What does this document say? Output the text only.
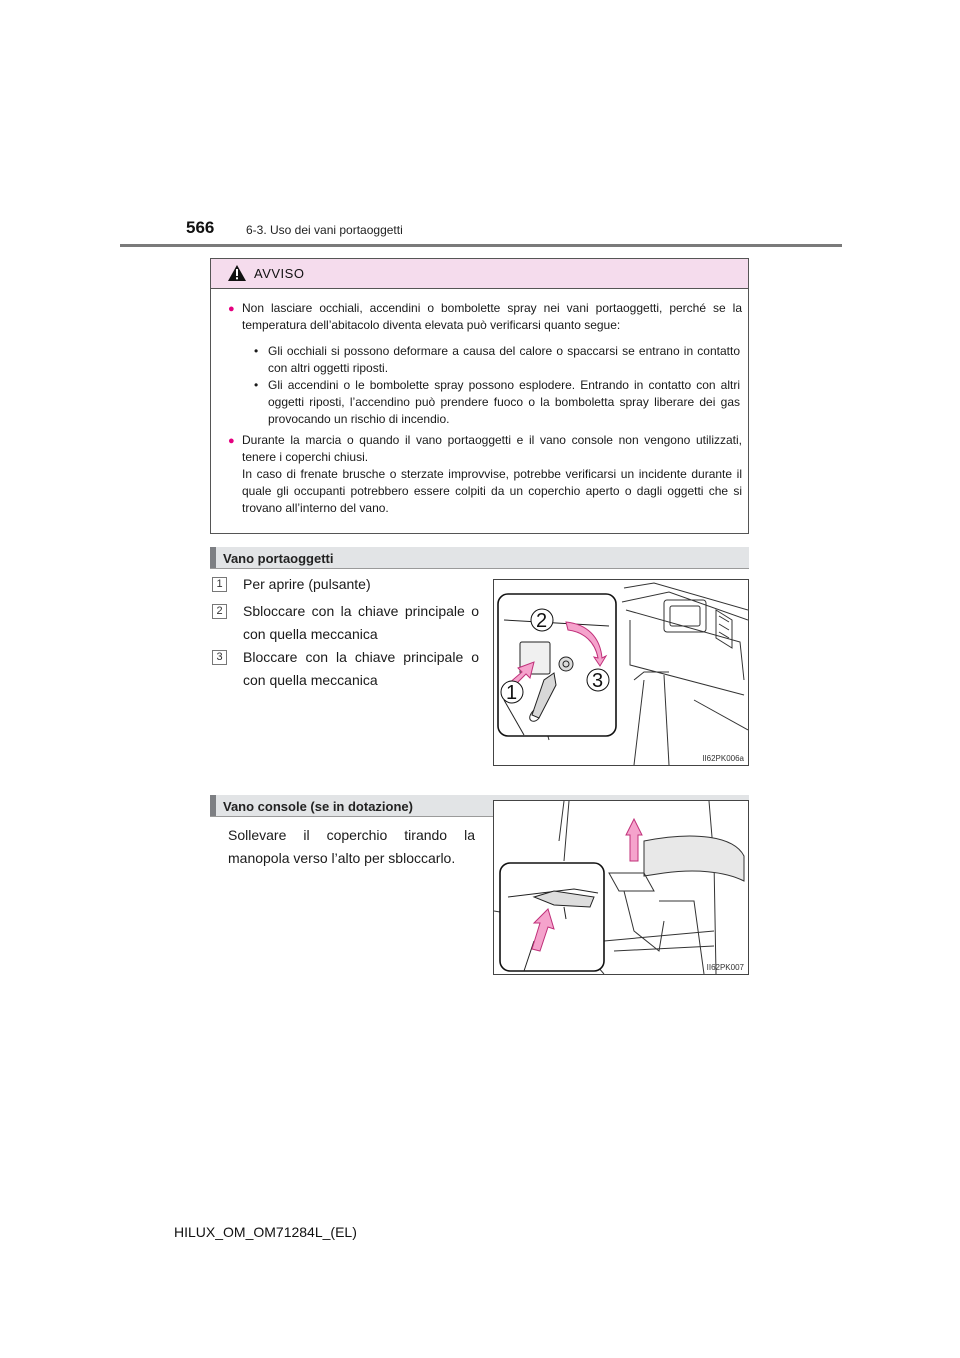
566	6-3. Uso dei vani portaoggetti
AVVISO
● Non lasciare occhiali, accendini o bombolette spray nei vani portaoggetti, perché se la temperatura dell’abitacolo diventa elevata può verificarsi quanto segue:
• Gli occhiali si possono deformare a causa del calore o spaccarsi se entrano in contatto con altri oggetti riposti.
• Gli accendini o le bombolette spray possono esplodere. Entrando in contatto con altri oggetti riposti, l’accendino può prendere fuoco o la bomboletta spray liberare dei gas provocando un rischio di incendio.
● Durante la marcia o quando il vano portaoggetti e il vano console non vengono utilizzati, tenere i coperchi chiusi.
In caso di frenate brusche o sterzate improvvise, potrebbe verificarsi un incidente durante il quale gli occupanti potrebbero essere colpiti da un coperchio aperto o dagli oggetti che si trovano all’interno del vano.
Vano portaoggetti
1	Per aprire (pulsante)
2	Sbloccare con la chiave principale o con quella meccanica
3	Bloccare con la chiave principale o con quella meccanica
2
1
3
II62PK006a
Vano console (se in dotazione)
Sollevare il coperchio tirando la manopola verso l’alto per sbloccarlo.
II62PK007
HILUX_OM_OM71284L_(EL)
